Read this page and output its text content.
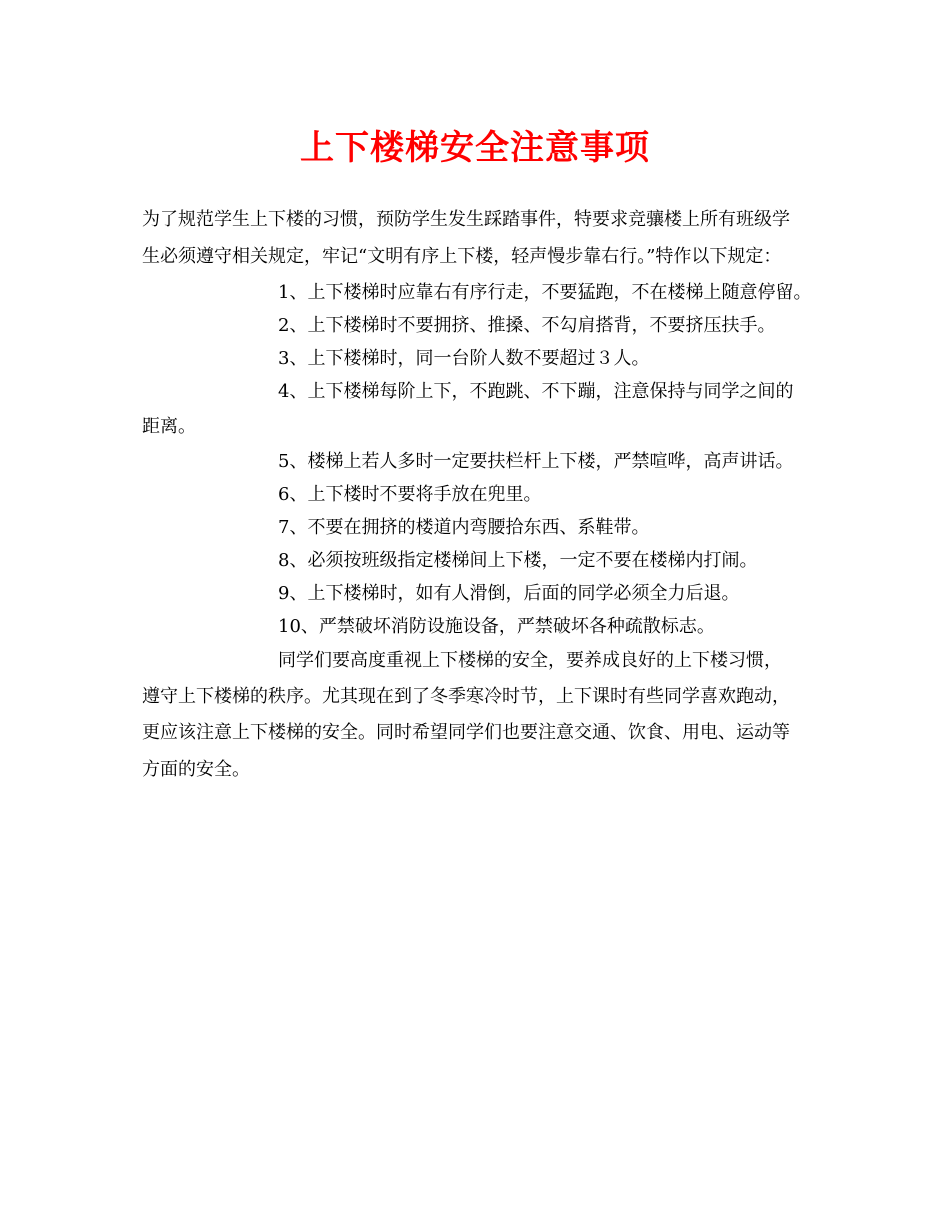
上下楼梯安全注意事项
为了规范学生上下楼的习惯，预防学生发生踩踏事件，特要求竞骧楼上所有班级学
生必须遵守相关规定，牢记“文明有序上下楼，轻声慢步靠右行。”特作以下规定：
1、上下楼梯时应靠右有序行走，不要猛跑，不在楼梯上随意停留。
2、上下楼梯时不要拥挤、推搡、不勾肩搭背，不要挤压扶手。
3、上下楼梯时，同一台阶人数不要超过３人。
4、上下楼梯每阶上下，不跑跳、不下蹦，注意保持与同学之间的
距离。
5、楼梯上若人多时一定要扶栏杆上下楼，严禁喧哗，高声讲话。
6、上下楼时不要将手放在兜里。
7、不要在拥挤的楼道内弯腰拾东西、系鞋带。
8、必须按班级指定楼梯间上下楼，一定不要在楼梯内打闹。
9、上下楼梯时，如有人滑倒，后面的同学必须全力后退。
10、严禁破坏消防设施设备，严禁破坏各种疏散标志。
同学们要高度重视上下楼梯的安全，要养成良好的上下楼习惯，
遵守上下楼梯的秩序。尤其现在到了冬季寒冷时节，上下课时有些同学喜欢跑动，
更应该注意上下楼梯的安全。同时希望同学们也要注意交通、饮食、用电、运动等
方面的安全。
